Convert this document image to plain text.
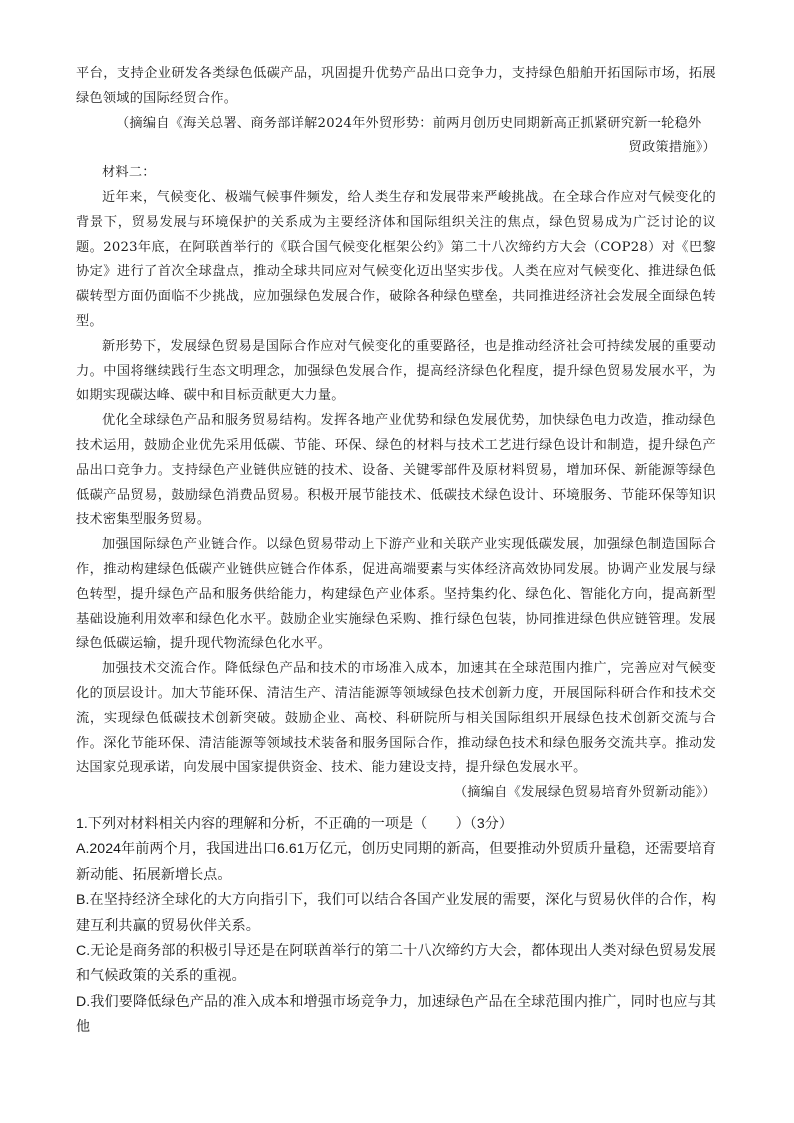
平台，支持企业研发各类绿色低碳产品，巩固提升优势产品出口竞争力，支持绿色船舶开拓国际市场，拓展绿色领域的国际经贸合作。

（摘编自《海关总署、商务部详解2024年外贸形势：前两月创历史同期新高正抓紧研究新一轮稳外

贸政策措施》）

材料二：

近年来，气候变化、极端气候事件频发，给人类生存和发展带来严峻挑战。在全球合作应对气候变化的背景下，贸易发展与环境保护的关系成为主要经济体和国际组织关注的焦点，绿色贸易成为广泛讨论的议题。2023年底，在阿联酋举行的《联合国气候变化框架公约》第二十八次缔约方大会（COP28）对《巴黎协定》进行了首次全球盘点，推动全球共同应对气候变化迈出坚实步伐。人类在应对气候变化、推进绿色低碳转型方面仍面临不少挑战，应加强绿色发展合作，破除各种绿色壁垒，共同推进经济社会发展全面绿色转型。

新形势下，发展绿色贸易是国际合作应对气候变化的重要路径，也是推动经济社会可持续发展的重要动力。中国将继续践行生态文明理念，加强绿色发展合作，提高经济绿色化程度，提升绿色贸易发展水平，为如期实现碳达峰、碳中和目标贡献更大力量。

优化全球绿色产品和服务贸易结构。发挥各地产业优势和绿色发展优势，加快绿色电力改造，推动绿色技术运用，鼓励企业优先采用低碳、节能、环保、绿色的材料与技术工艺进行绿色设计和制造，提升绿色产品出口竞争力。支持绿色产业链供应链的技术、设备、关键零部件及原材料贸易，增加环保、新能源等绿色低碳产品贸易，鼓励绿色消费品贸易。积极开展节能技术、低碳技术绿色设计、环境服务、节能环保等知识技术密集型服务贸易。

加强国际绿色产业链合作。以绿色贸易带动上下游产业和关联产业实现低碳发展，加强绿色制造国际合作，推动构建绿色低碳产业链供应链合作体系，促进高端要素与实体经济高效协同发展。协调产业发展与绿色转型，提升绿色产品和服务供给能力，构建绿色产业体系。坚持集约化、绿色化、智能化方向，提高新型基础设施利用效率和绿色化水平。鼓励企业实施绿色采购、推行绿色包装，协同推进绿色供应链管理。发展绿色低碳运输，提升现代物流绿色化水平。

加强技术交流合作。降低绿色产品和技术的市场准入成本，加速其在全球范围内推广，完善应对气候变化的顶层设计。加大节能环保、清洁生产、清洁能源等领域绿色技术创新力度，开展国际科研合作和技术交流，实现绿色低碳技术创新突破。鼓励企业、高校、科研院所与相关国际组织开展绿色技术创新交流与合作。深化节能环保、清洁能源等领域技术装备和服务国际合作，推动绿色技术和绿色服务交流共享。推动发达国家兑现承诺，向发展中国家提供资金、技术、能力建设支持，提升绿色发展水平。

（摘编自《发展绿色贸易培育外贸新动能》）

1.下列对材料相关内容的理解和分析，不正确的一项是（　　）（3分）

A.2024年前两个月，我国进出口6.61万亿元，创历史同期的新高，但要推动外贸质升量稳，还需要培育新动能、拓展新增长点。

B.在坚持经济全球化的大方向指引下，我们可以结合各国产业发展的需要，深化与贸易伙伴的合作，构建互利共赢的贸易伙伴关系。

C.无论是商务部的积极引导还是在阿联酋举行的第二十八次缔约方大会，都体现出人类对绿色贸易发展和气候政策的关系的重视。

D.我们要降低绿色产品的准入成本和增强市场竞争力，加速绿色产品在全球范围内推广，同时也应与其他
